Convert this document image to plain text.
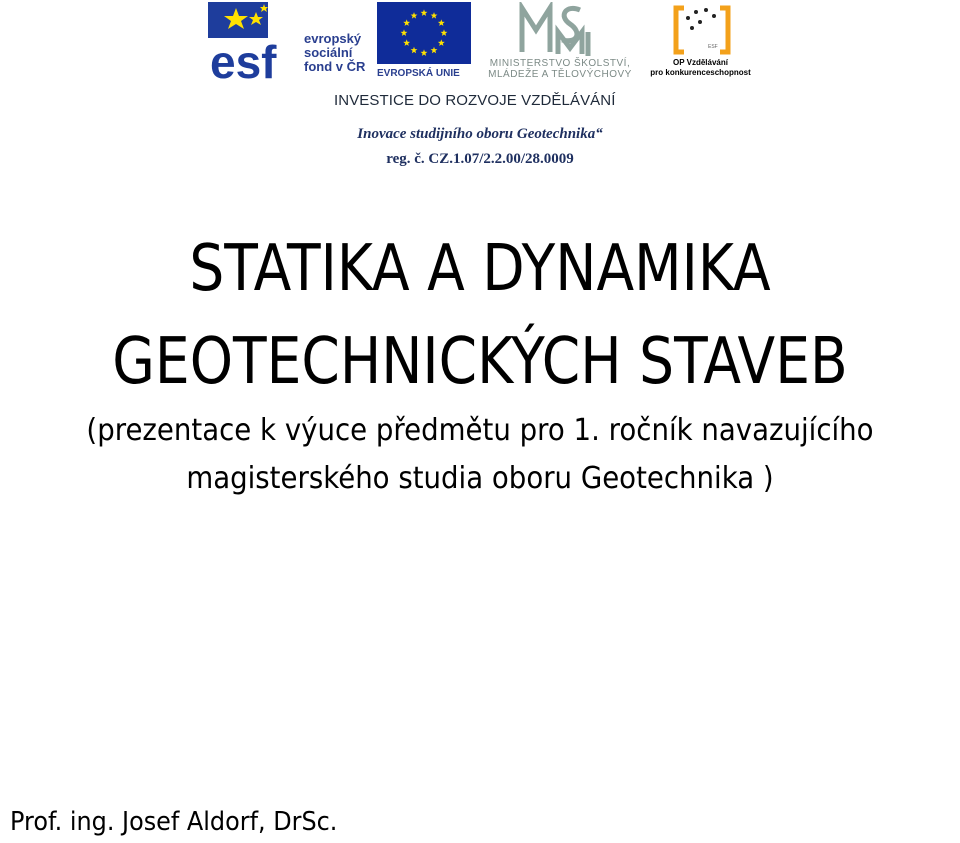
esf evropský
sociální
fond v ČR EVROPSKÁ UNIE
MINISTERSTVO ŠKOLSTVÍ,
MLÁDEŽE A TĚLOVÝCHOVY
ESF
OP Vzdělávání
pro konkurenceschopnost
INVESTICE DO ROZVOJE VZDĚLÁVÁNÍ
Inovace studijního oboru Geotechnika“
reg. č. CZ.1.07/2.2.00/28.0009
STATIKA A DYNAMIKA
GEOTECHNICKÝCH STAVEB
(prezentace k výuce předmětu pro 1. ročník navazujícího
magisterského studia oboru Geotechnika )
Prof. ing. Josef Aldorf, DrSc.
